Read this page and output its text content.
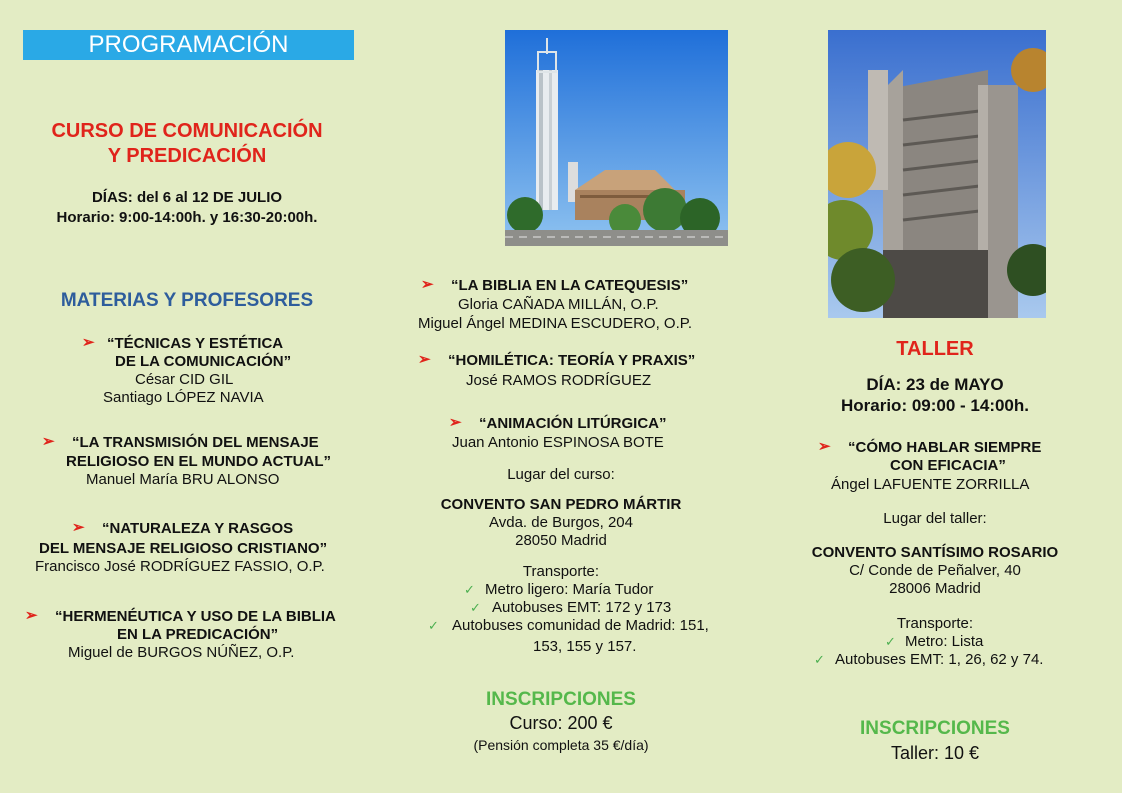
PROGRAMACIÓN
CURSO DE COMUNICACIÓN
Y PREDICACIÓN
DÍAS: del 6 al 12 DE JULIO
Horario: 9:00-14:00h. y 16:30-20:00h.
MATERIAS Y PROFESORES
➢ “TÉCNICAS Y ESTÉTICA
DE LA COMUNICACIÓN”
César CID GIL
Santiago LÓPEZ NAVIA
➢ “LA TRANSMISIÓN DEL MENSAJE
RELIGIOSO EN EL MUNDO ACTUAL”
Manuel María BRU ALONSO
➢ “NATURALEZA Y RASGOS
DEL MENSAJE RELIGIOSO CRISTIANO”
Francisco José RODRÍGUEZ FASSIO, O.P.
➢ “HERMENÉUTICA Y USO DE LA BIBLIA
EN LA PREDICACIÓN”
Miguel de BURGOS NÚÑEZ, O.P.
➢ “LA BIBLIA EN LA CATEQUESIS”
Gloria CAÑADA MILLÁN, O.P.
Miguel Ángel MEDINA ESCUDERO, O.P.
➢ “HOMILÉTICA: TEORÍA Y PRAXIS”
José RAMOS RODRÍGUEZ
➢ “ANIMACIÓN LITÚRGICA”
Juan Antonio ESPINOSA BOTE
Lugar del curso:
CONVENTO SAN PEDRO MÁRTIR
Avda. de Burgos, 204
28050 Madrid
Transporte:
✓ Metro ligero: María Tudor
✓ Autobuses EMT: 172 y 173
✓ Autobuses comunidad de Madrid: 151,
153, 155 y 157.
INSCRIPCIONES
Curso: 200 €
(Pensión completa 35 €/día)
TALLER
DÍA: 23 de MAYO
Horario: 09:00 - 14:00h.
➢ “CÓMO HABLAR SIEMPRE
CON EFICACIA”
Ángel LAFUENTE ZORRILLA
Lugar del taller:
CONVENTO SANTÍSIMO ROSARIO
C/ Conde de Peñalver, 40
28006 Madrid
Transporte:
✓ Metro: Lista
✓ Autobuses EMT: 1, 26, 62 y 74.
INSCRIPCIONES
Taller: 10 €
